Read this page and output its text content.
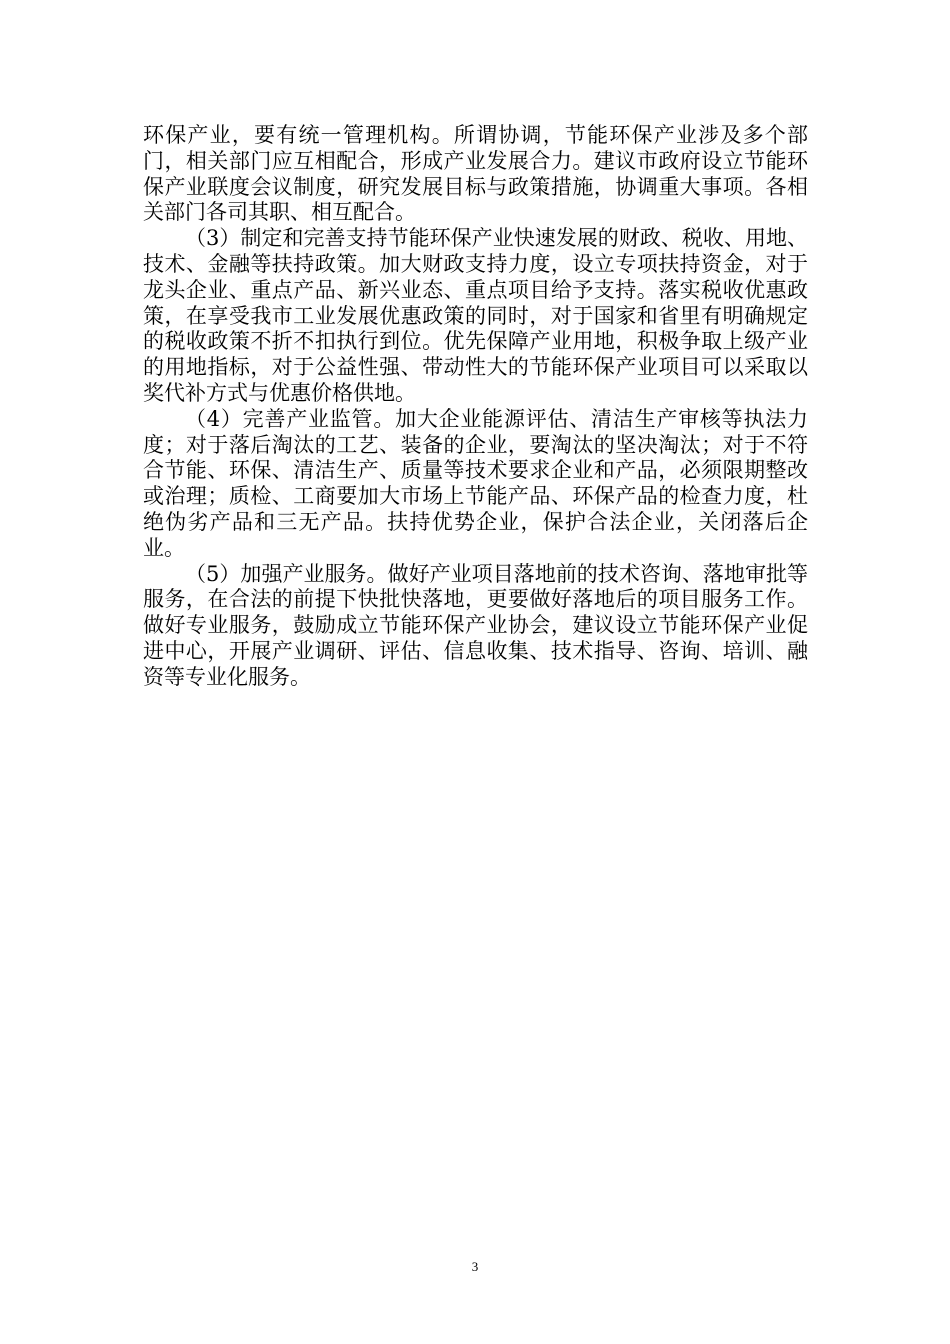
环保产业，要有统一管理机构。所谓协调，节能环保产业涉及多个部门，相关部门应互相配合，形成产业发展合力。建议市政府设立节能环保产业联度会议制度，研究发展目标与政策措施，协调重大事项。各相关部门各司其职、相互配合。

（3）制定和完善支持节能环保产业快速发展的财政、税收、用地、技术、金融等扶持政策。加大财政支持力度，设立专项扶持资金，对于龙头企业、重点产品、新兴业态、重点项目给予支持。落实税收优惠政策，在享受我市工业发展优惠政策的同时，对于国家和省里有明确规定的税收政策不折不扣执行到位。优先保障产业用地，积极争取上级产业的用地指标，对于公益性强、带动性大的节能环保产业项目可以采取以奖代补方式与优惠价格供地。

（4）完善产业监管。加大企业能源评估、清洁生产审核等执法力度；对于落后淘汰的工艺、装备的企业，要淘汰的坚决淘汰；对于不符合节能、环保、清洁生产、质量等技术要求企业和产品，必须限期整改或治理；质检、工商要加大市场上节能产品、环保产品的检查力度，杜绝伪劣产品和三无产品。扶持优势企业，保护合法企业，关闭落后企业。

（5）加强产业服务。做好产业项目落地前的技术咨询、落地审批等服务，在合法的前提下快批快落地，更要做好落地后的项目服务工作。做好专业服务，鼓励成立节能环保产业协会，建议设立节能环保产业促进中心，开展产业调研、评估、信息收集、技术指导、咨询、培训、融资等专业化服务。

3
